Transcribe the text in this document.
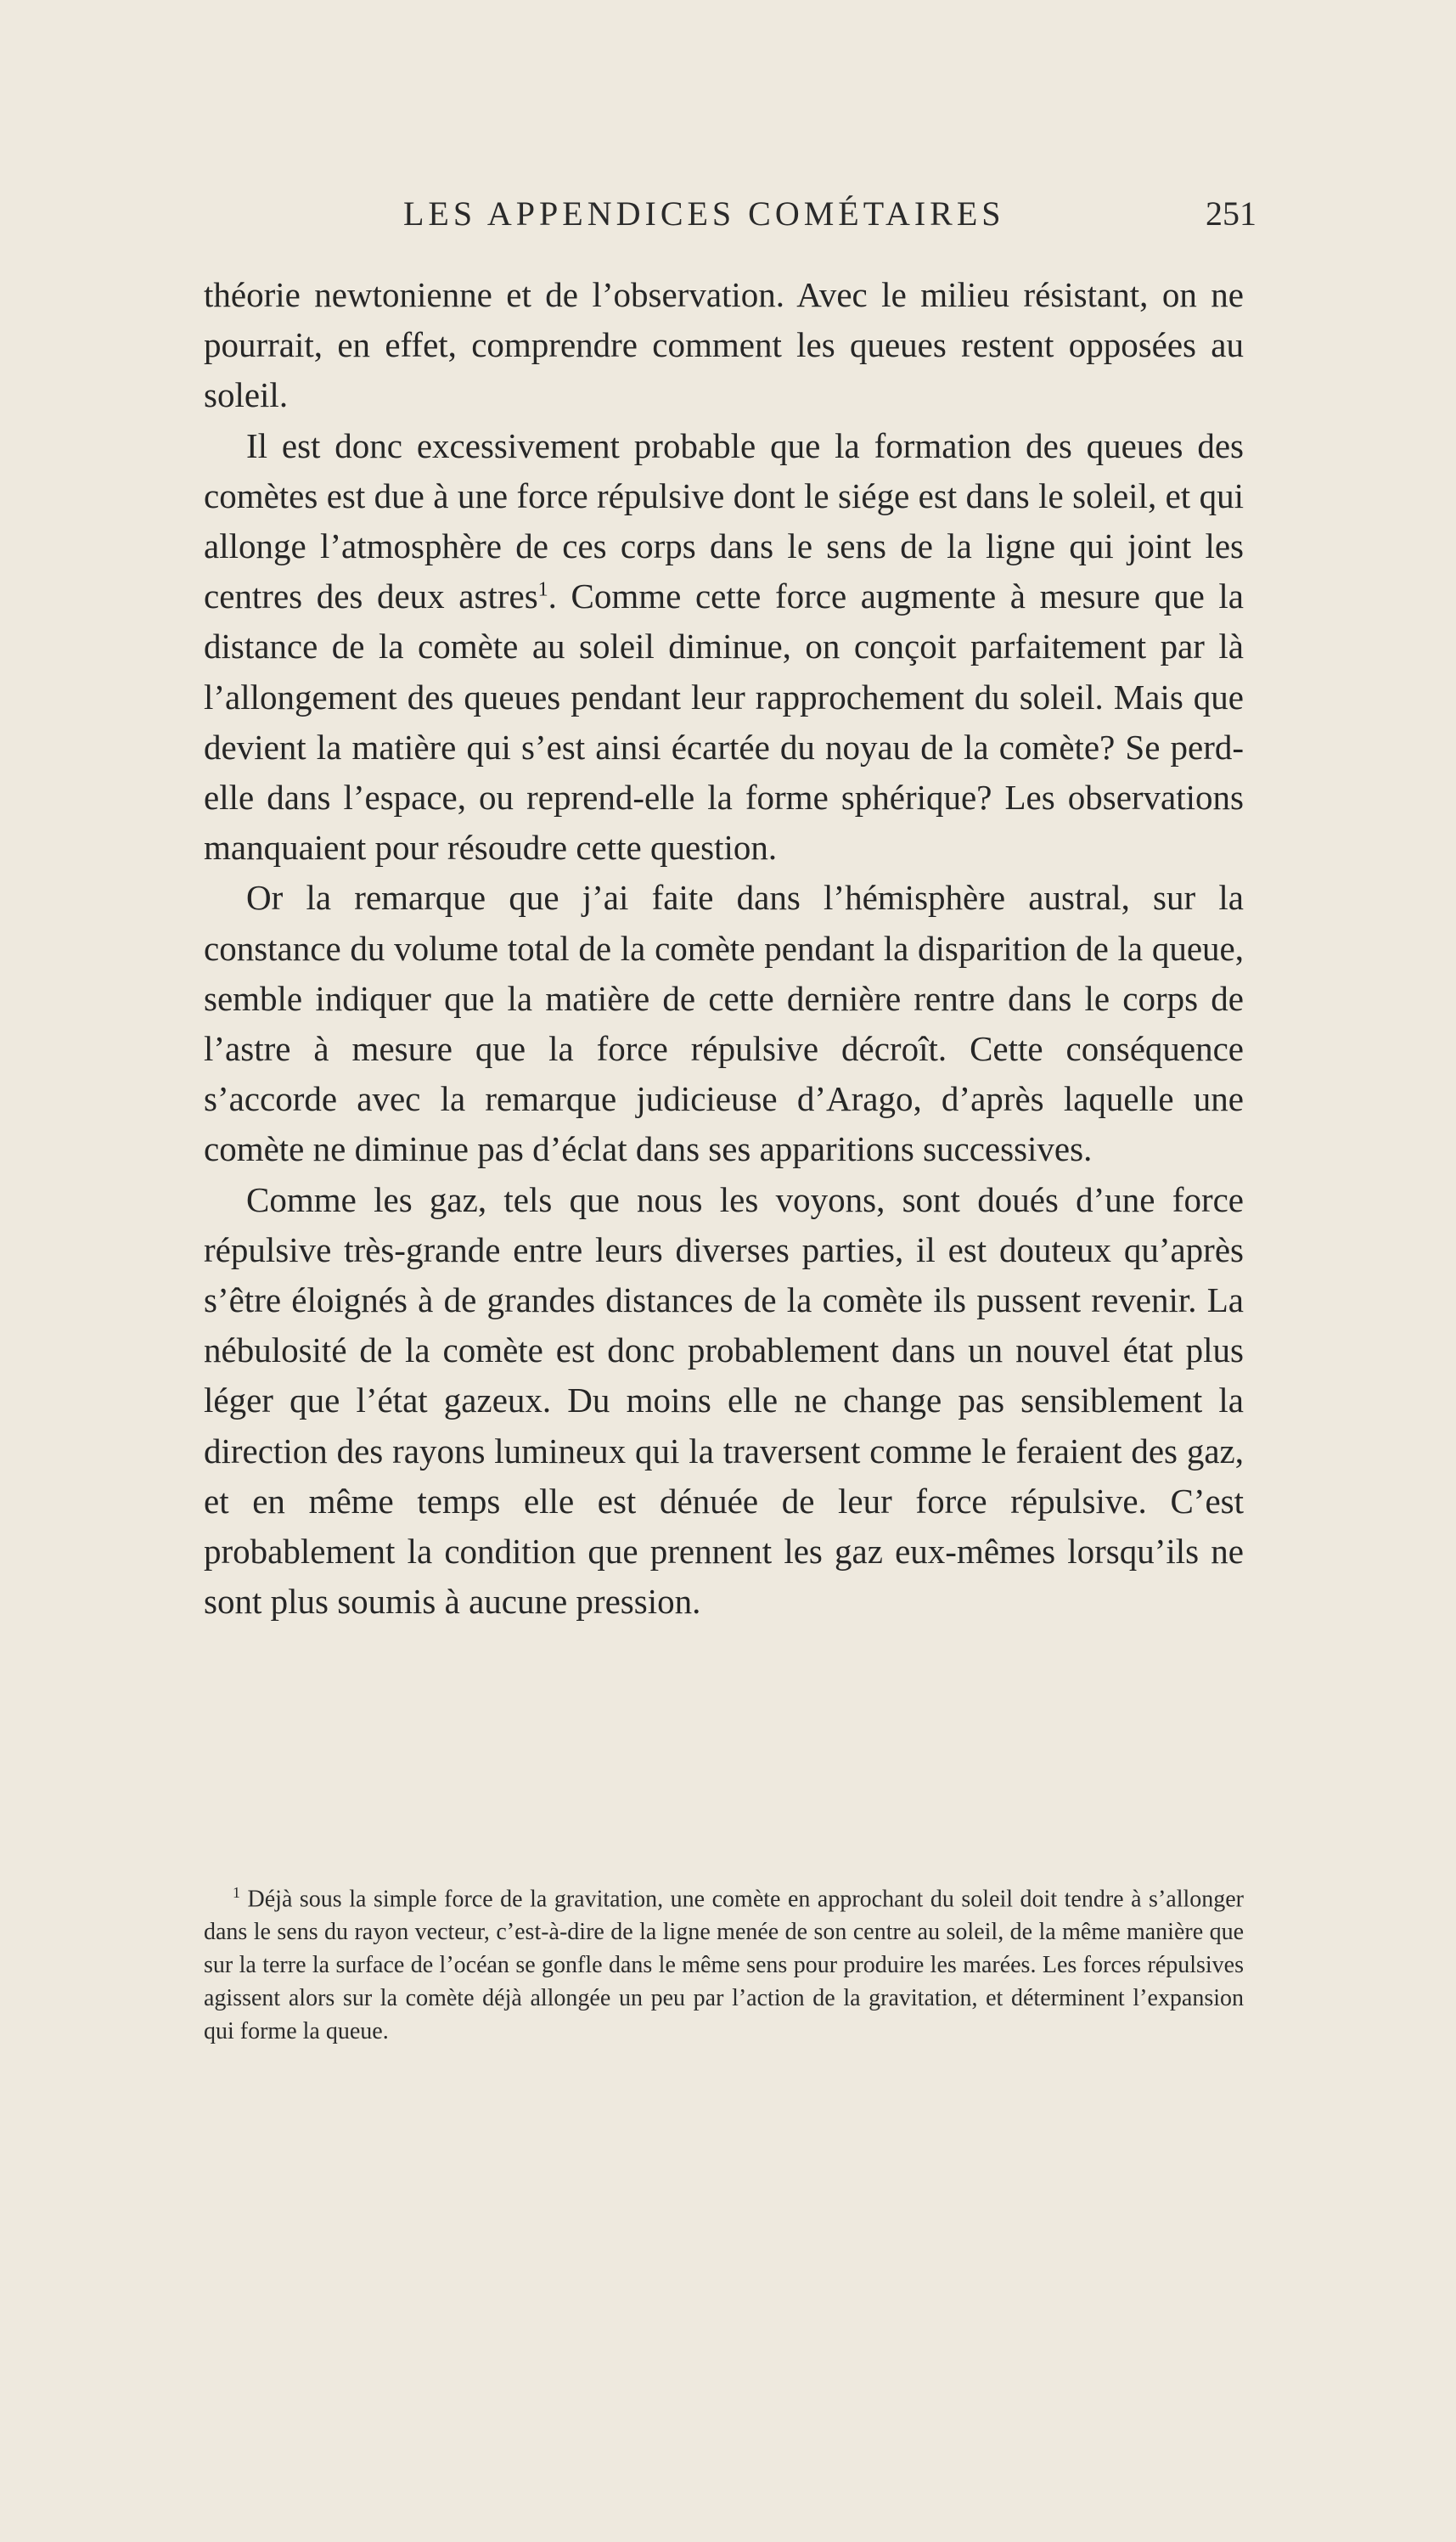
LES APPENDICES COMÉTAIRES	251

théorie newtonienne et de l’observation. Avec le milieu résistant, on ne pourrait, en effet, comprendre comment les queues restent opposées au soleil.

Il est donc excessivement probable que la formation des queues des comètes est due à une force répulsive dont le siége est dans le soleil, et qui allonge l’atmosphère de ces corps dans le sens de la ligne qui joint les centres des deux astres$^1$. Comme cette force augmente à mesure que la distance de la comète au soleil diminue, on conçoit parfaitement par là l’allongement des queues pendant leur rapprochement du soleil. Mais que devient la matière qui s’est ainsi écartée du noyau de la comète? Se perd-elle dans l’espace, ou reprend-elle la forme sphérique? Les observations manquaient pour résoudre cette question.

Or la remarque que j’ai faite dans l’hémisphère austral, sur la constance du volume total de la comète pendant la disparition de la queue, semble indiquer que la matière de cette dernière rentre dans le corps de l’astre à mesure que la force répulsive décroît. Cette conséquence s’accorde avec la remarque judicieuse d’Arago, d’après laquelle une comète ne diminue pas d’éclat dans ses apparitions successives.

Comme les gaz, tels que nous les voyons, sont doués d’une force répulsive très-grande entre leurs diverses parties, il est douteux qu’après s’être éloignés à de grandes distances de la comète ils pussent revenir. La nébulosité de la comète est donc probablement dans un nouvel état plus léger que l’état gazeux. Du moins elle ne change pas sensiblement la direction des rayons lumineux qui la traversent comme le feraient des gaz, et en même temps elle est dénuée de leur force répulsive. C’est probablement la condition que prennent les gaz eux-mêmes lorsqu’ils ne sont plus soumis à aucune pression.

$^1$ Déjà sous la simple force de la gravitation, une comète en approchant du soleil doit tendre à s’allonger dans le sens du rayon vecteur, c’est-à-dire de la ligne menée de son centre au soleil, de la même manière que sur la terre la surface de l’océan se gonfle dans le même sens pour produire les marées. Les forces répulsives agissent alors sur la comète déjà allongée un peu par l’action de la gravitation, et déterminent l’expansion qui forme la queue.
